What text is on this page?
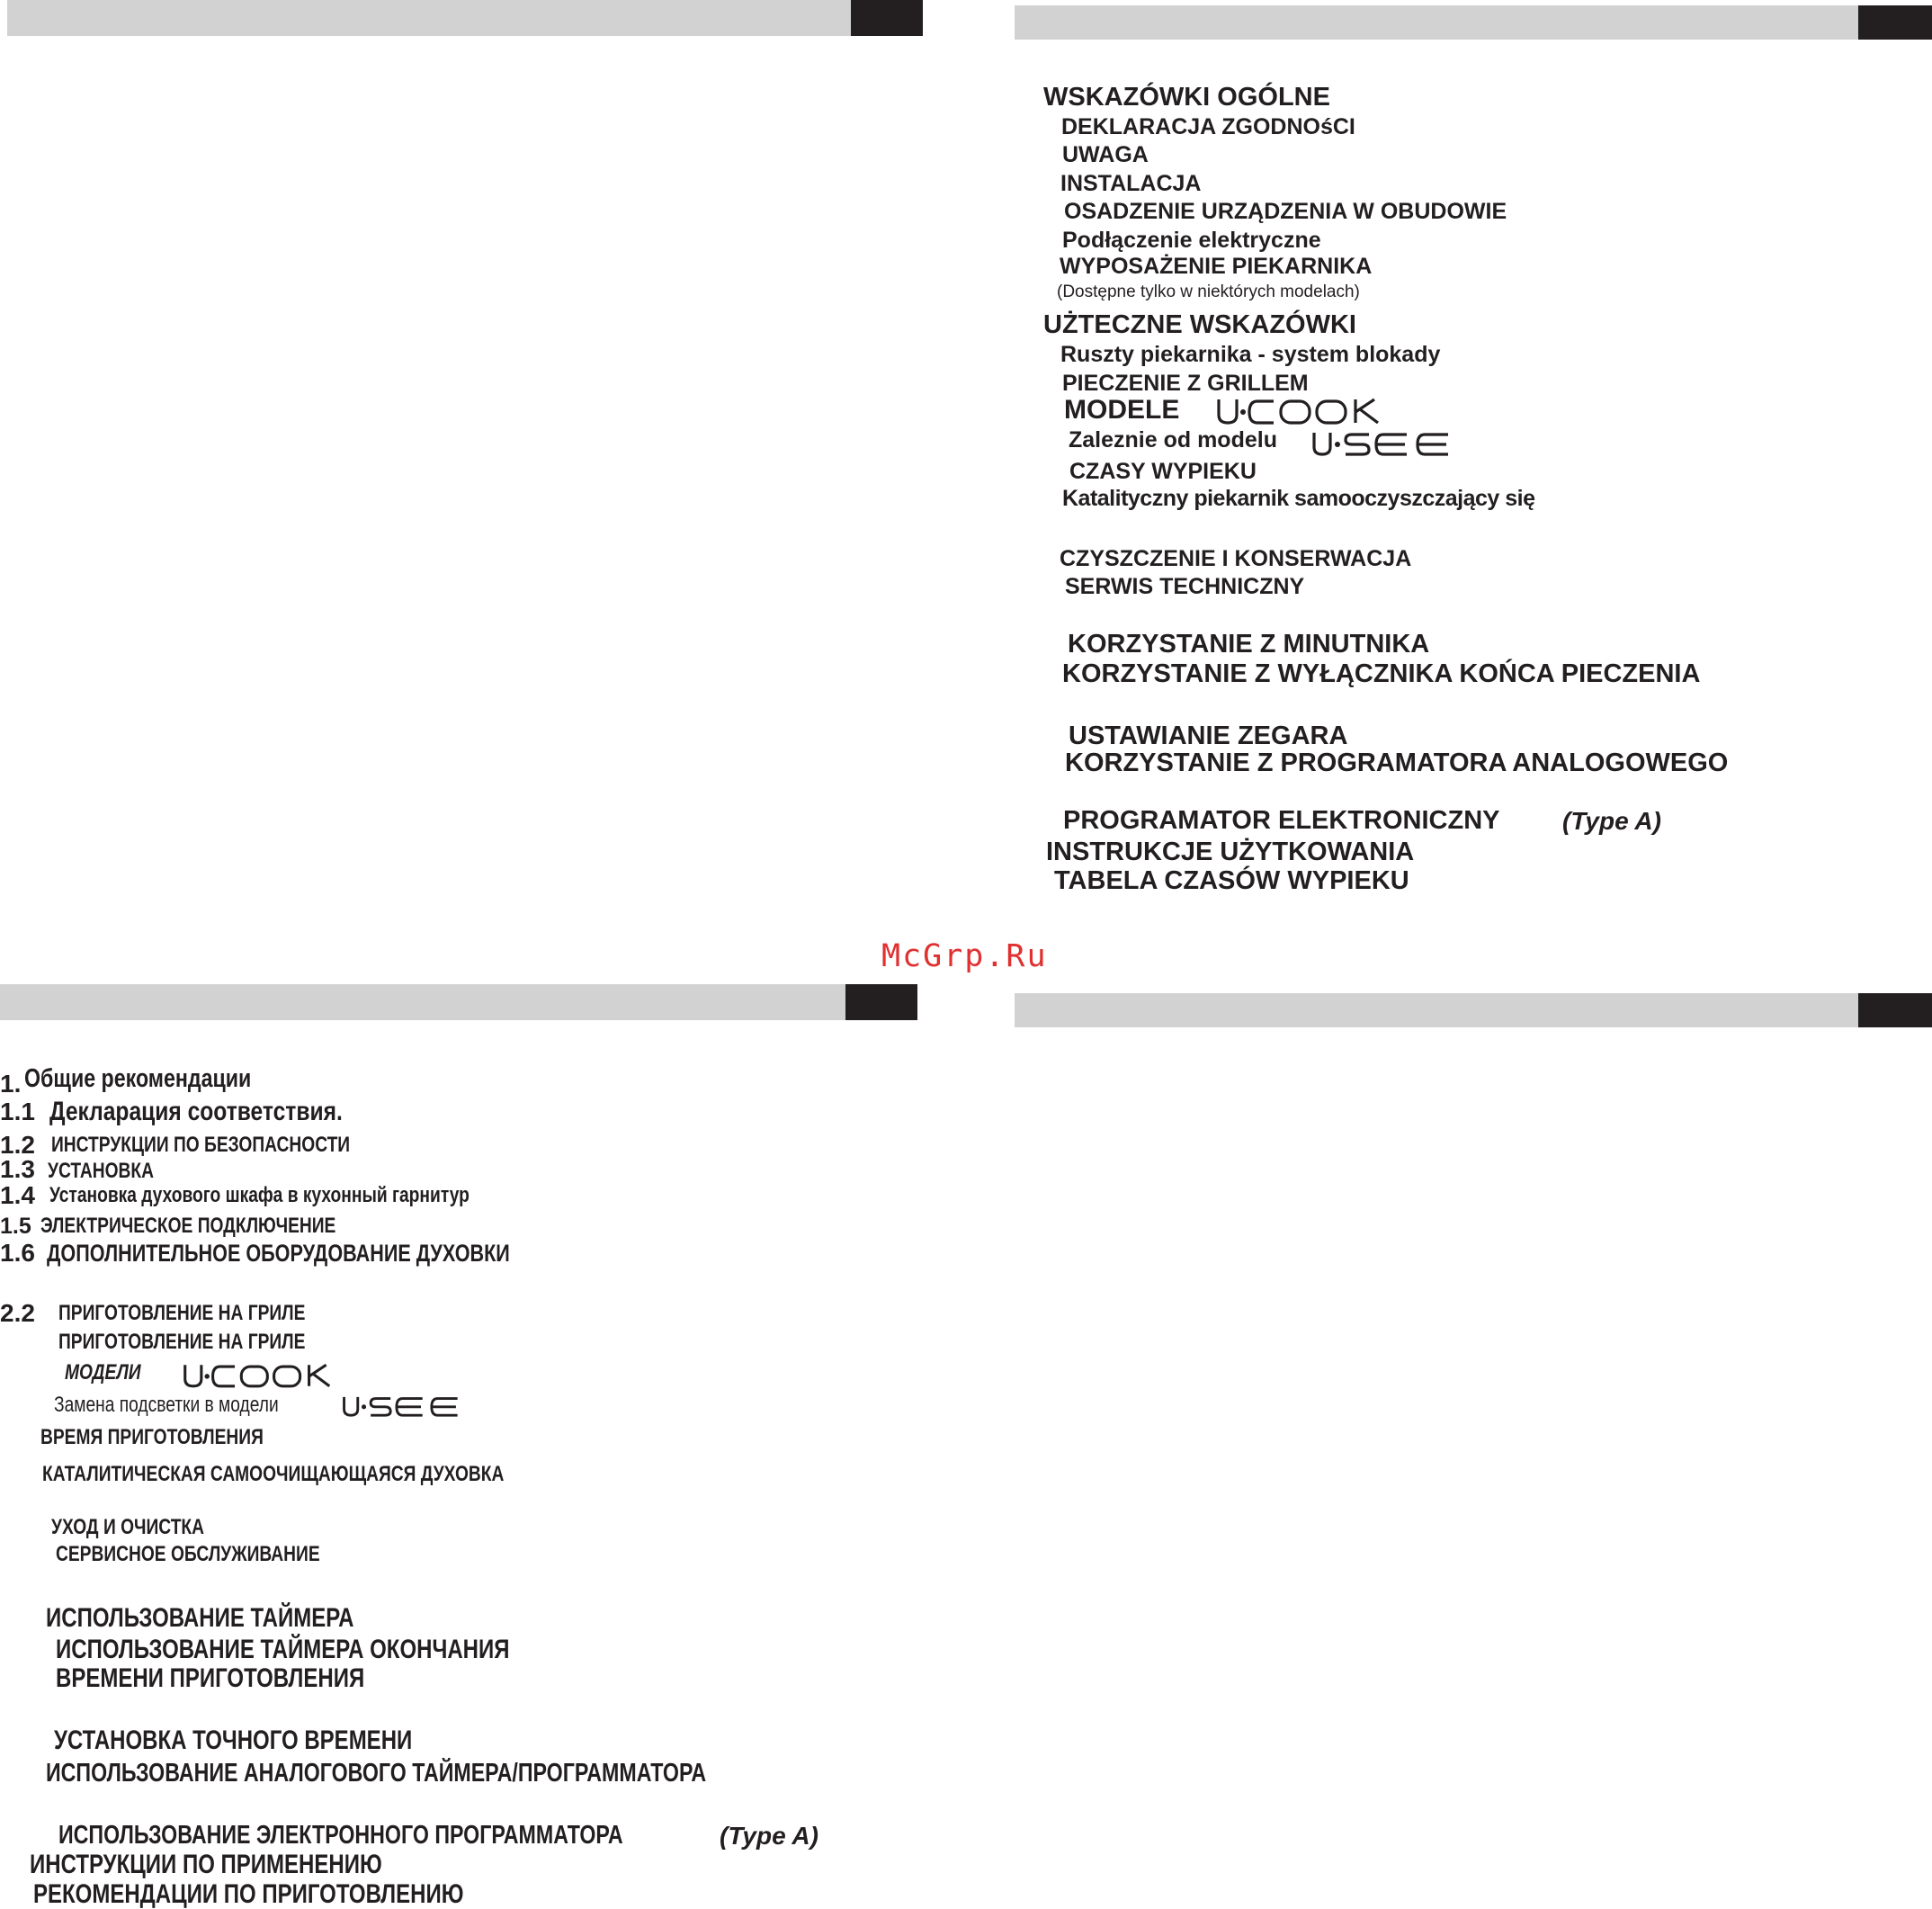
McGrp.Ru
WSKAZÓWKI OGÓLNE
DEKLARACJA ZGODNOśCI
UWAGA
INSTALACJA
OSADZENIE URZĄDZENIA W OBUDOWIE
Podłączenie elektryczne
WYPOSAŻENIE PIEKARNIKA
(Dostępne tylko w niektórych modelach)
UŻTECZNE WSKAZÓWKI
Ruszty piekarnika - system blokady
PIECZENIE Z GRILLEM
MODELE
Zaleznie od modelu
CZASY WYPIEKU
Katalityczny piekarnik samooczyszczający się
CZYSZCZENIE I KONSERWACJA
SERWIS TECHNICZNY
KORZYSTANIE Z MINUTNIKA
KORZYSTANIE Z WYŁĄCZNIKA KOŃCA PIECZENIA
USTAWIANIE ZEGARA
KORZYSTANIE Z PROGRAMATORA ANALOGOWEGO
PROGRAMATOR ELEKTRONICZNY (Type A)
INSTRUKCJE UŻYTKOWANIA
TABELA CZASÓW WYPIEKU
1. Общие рекомендации
1.1 Декларация соответствия.
1.2 ИНСТРУКЦИИ ПО БЕЗОПАСНОСТИ
1.3 УСТАНОВКА
1.4 Установка духового шкафа в кухонный гарнитур
1.5 ЭЛЕКТРИЧЕСКОЕ ПОДКЛЮЧЕНИЕ
1.6 ДОПОЛНИТЕЛЬНОЕ ОБОРУДОВАНИЕ ДУХОВКИ
2.2 ПРИГОТОВЛЕНИЕ НА ГРИЛЕ
ПРИГОТОВЛЕНИЕ НА ГРИЛЕ
МОДЕЛИ
Замена подсветки в модели
ВРЕМЯ ПРИГОТОВЛЕНИЯ
КАТАЛИТИЧЕСКАЯ САМООЧИЩАЮЩАЯСЯ ДУХОВКА
УХОД И ОЧИСТКА
СЕРВИСНОЕ ОБСЛУЖИВАНИЕ
ИСПОЛЬЗОВАНИЕ ТАЙМЕРА
ИСПОЛЬЗОВАНИЕ ТАЙМЕРА ОКОНЧАНИЯ
ВРЕМЕНИ ПРИГОТОВЛЕНИЯ
УСТАНОВКА ТОЧНОГО ВРЕМЕНИ
ИСПОЛЬЗОВАНИЕ АНАЛОГОВОГО ТАЙМЕРА/ПРОГРАММАТОРА
ИСПОЛЬЗОВАНИЕ ЭЛЕКТРОННОГО ПРОГРАММАТОРА	(Type A)
ИНСТРУКЦИИ ПО ПРИМЕНЕНИЮ
РЕКОМЕНДАЦИИ ПО ПРИГОТОВЛЕНИЮ
